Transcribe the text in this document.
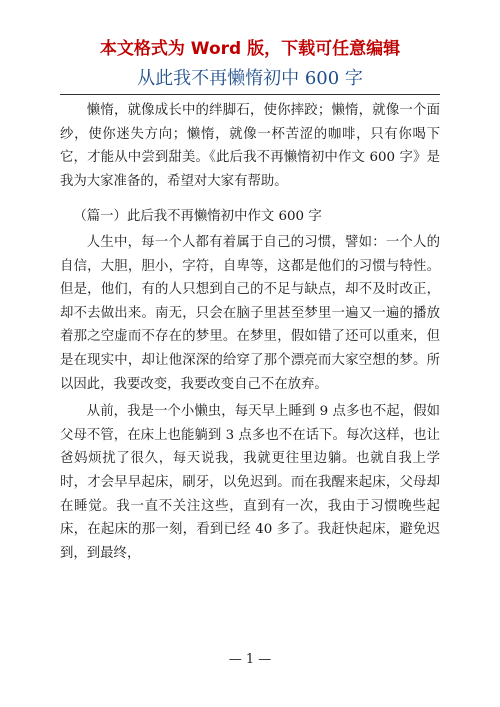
本文格式为 Word 版，下载可任意编辑
从此我不再懒惰初中 600 字

懒惰，就像成长中的绊脚石，使你摔跤；懒惰，就像一个面纱，使你迷失方向；懒惰，就像一杯苦涩的咖啡，只有你喝下它，才能从中尝到甜美。《此后我不再懒惰初中作文 600 字》是我为大家准备的，希望对大家有帮助。

（篇一）此后我不再懒惰初中作文 600 字

人生中，每一个人都有着属于自己的习惯，譬如：一个人的自信，大胆，胆小，字符，自卑等，这都是他们的习惯与特性。但是，他们，有的人只想到自己的不足与缺点，却不及时改正，却不去做出来。南无，只会在脑子里甚至梦里一遍又一遍的播放着那之空虚而不存在的梦里。在梦里，假如错了还可以重来，但是在现实中，却让他深深的给穿了那个漂亮而大家空想的梦。所以因此，我要改变，我要改变自己不在放弃。

从前，我是一个小懒虫，每天早上睡到 9 点多也不起，假如父母不管，在床上也能躺到 3 点多也不在话下。每次这样，也让爸妈烦扰了很久，每天说我，我就更往里边躺。也就自我上学时，才会早早起床，刷牙，以免迟到。而在我醒来起床，父母却在睡觉。我一直不关注这些，直到有一次，我由于习惯晚些起床，在起床的那一刻，看到已经 40 多了。我赶快起床，避免迟到，到最终，

— 1 —
